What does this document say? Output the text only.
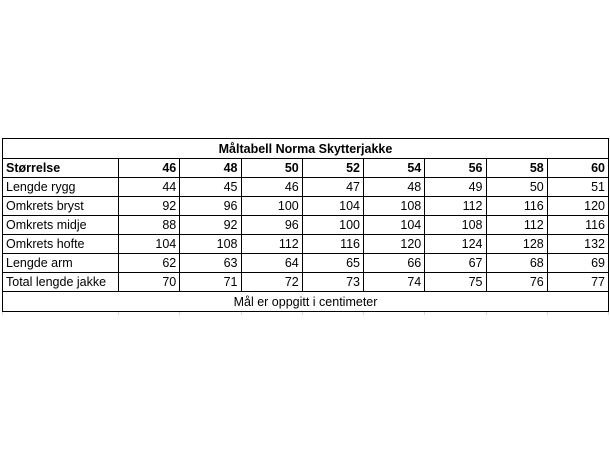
Måltabell Norma Skytterjakke								
Størrelse	46	48	50	52	54	56	58	60
Lengde rygg	44	45	46	47	48	49	50	51
Omkrets bryst	92	96	100	104	108	112	116	120
Omkrets midje	88	92	96	100	104	108	112	116
Omkrets hofte	104	108	112	116	120	124	128	132
Lengde arm	62	63	64	65	66	67	68	69
Total lengde jakke	70	71	72	73	74	75	76	77
Mål er oppgitt i centimeter								
